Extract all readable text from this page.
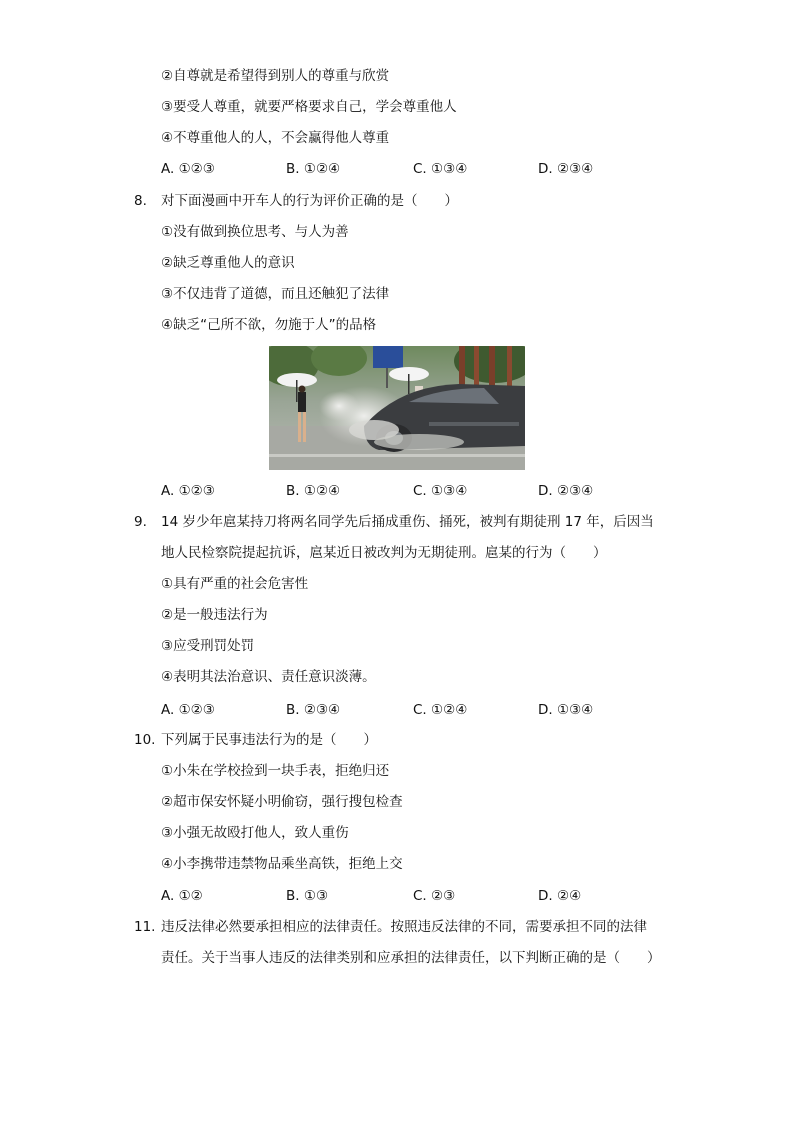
②自尊就是希望得到别人的尊重与欣赏
③要受人尊重，就要严格要求自己，学会尊重他人
④不尊重他人的人，不会赢得他人尊重
A. ①②③	B. ①②④	C. ①③④	D. ②③④
8. 对下面漫画中开车人的行为评价正确的是（　　）
①没有做到换位思考、与人为善
②缺乏尊重他人的意识
③不仅违背了道德，而且还触犯了法律
④缺乏“己所不欲，勿施于人”的品格
A. ①②③	B. ①②④	C. ①③④	D. ②③④
9. 14 岁少年扈某持刀将两名同学先后捅成重伤、捅死，被判有期徒刑 17 年，后因当
地人民检察院提起抗诉，扈某近日被改判为无期徒刑。扈某的行为（　　）
①具有严重的社会危害性
②是一般违法行为
③应受刑罚处罚
④表明其法治意识、责任意识淡薄。
A. ①②③	B. ②③④	C. ①②④	D. ①③④
10. 下列属于民事违法行为的是（　　）
①小朱在学校捡到一块手表，拒绝归还
②超市保安怀疑小明偷窃，强行搜包检查
③小强无故殴打他人，致人重伤
④小李携带违禁物品乘坐高铁，拒绝上交
A. ①②	B. ①③	C. ②③	D. ②④
11. 违反法律必然要承担相应的法律责任。按照违反法律的不同，需要承担不同的法律
责任。关于当事人违反的法律类别和应承担的法律责任，以下判断正确的是（　　）
